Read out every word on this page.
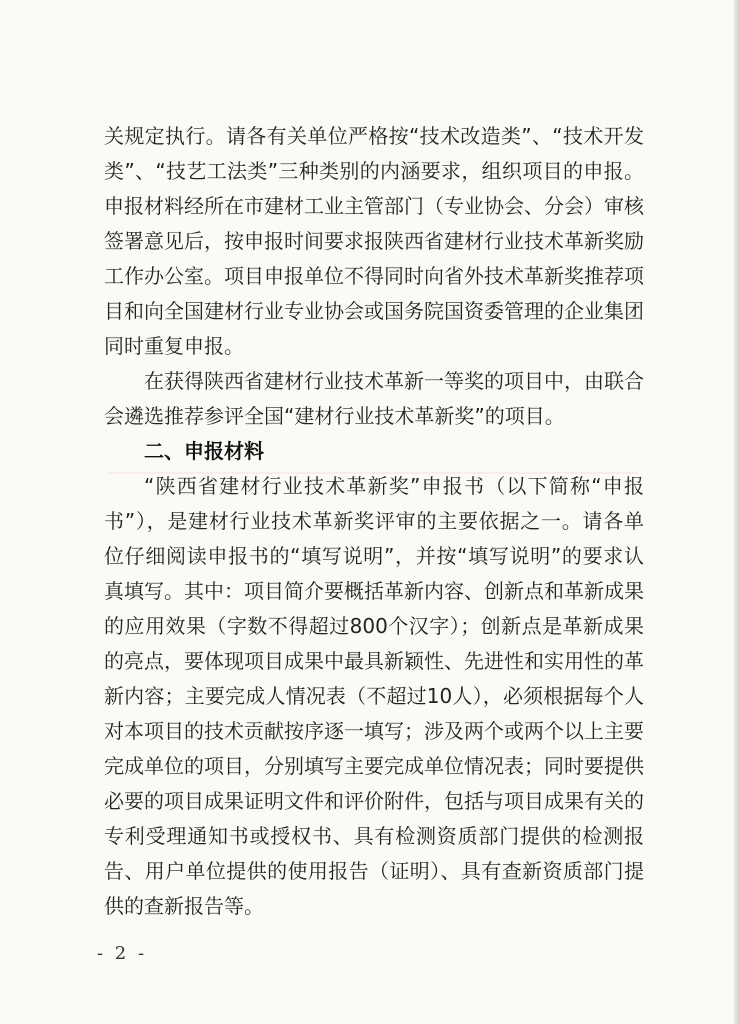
关规定执行。请各有关单位严格按“技术改造类”、“技术开发类”、“技艺工法类”三种类别的内涵要求，组织项目的申报。申报材料经所在市建材工业主管部门（专业协会、分会）审核签署意见后，按申报时间要求报陕西省建材行业技术革新奖励工作办公室。项目申报单位不得同时向省外技术革新奖推荐项目和向全国建材行业专业协会或国务院国资委管理的企业集团同时重复申报。

在获得陕西省建材行业技术革新一等奖的项目中，由联合会遴选推荐参评全国“建材行业技术革新奖”的项目。

二、申报材料

“陕西省建材行业技术革新奖”申报书（以下简称“申报书”），是建材行业技术革新奖评审的主要依据之一。请各单位仔细阅读申报书的“填写说明”，并按“填写说明”的要求认真填写。其中：项目简介要概括革新内容、创新点和革新成果的应用效果（字数不得超过800个汉字）；创新点是革新成果的亮点，要体现项目成果中最具新颖性、先进性和实用性的革新内容；主要完成人情况表（不超过10人），必须根据每个人对本项目的技术贡献按序逐一填写；涉及两个或两个以上主要完成单位的项目，分别填写主要完成单位情况表；同时要提供必要的项目成果证明文件和评价附件，包括与项目成果有关的专利受理通知书或授权书、具有检测资质部门提供的检测报告、用户单位提供的使用报告（证明）、具有查新资质部门提供的查新报告等。

- 2 -
